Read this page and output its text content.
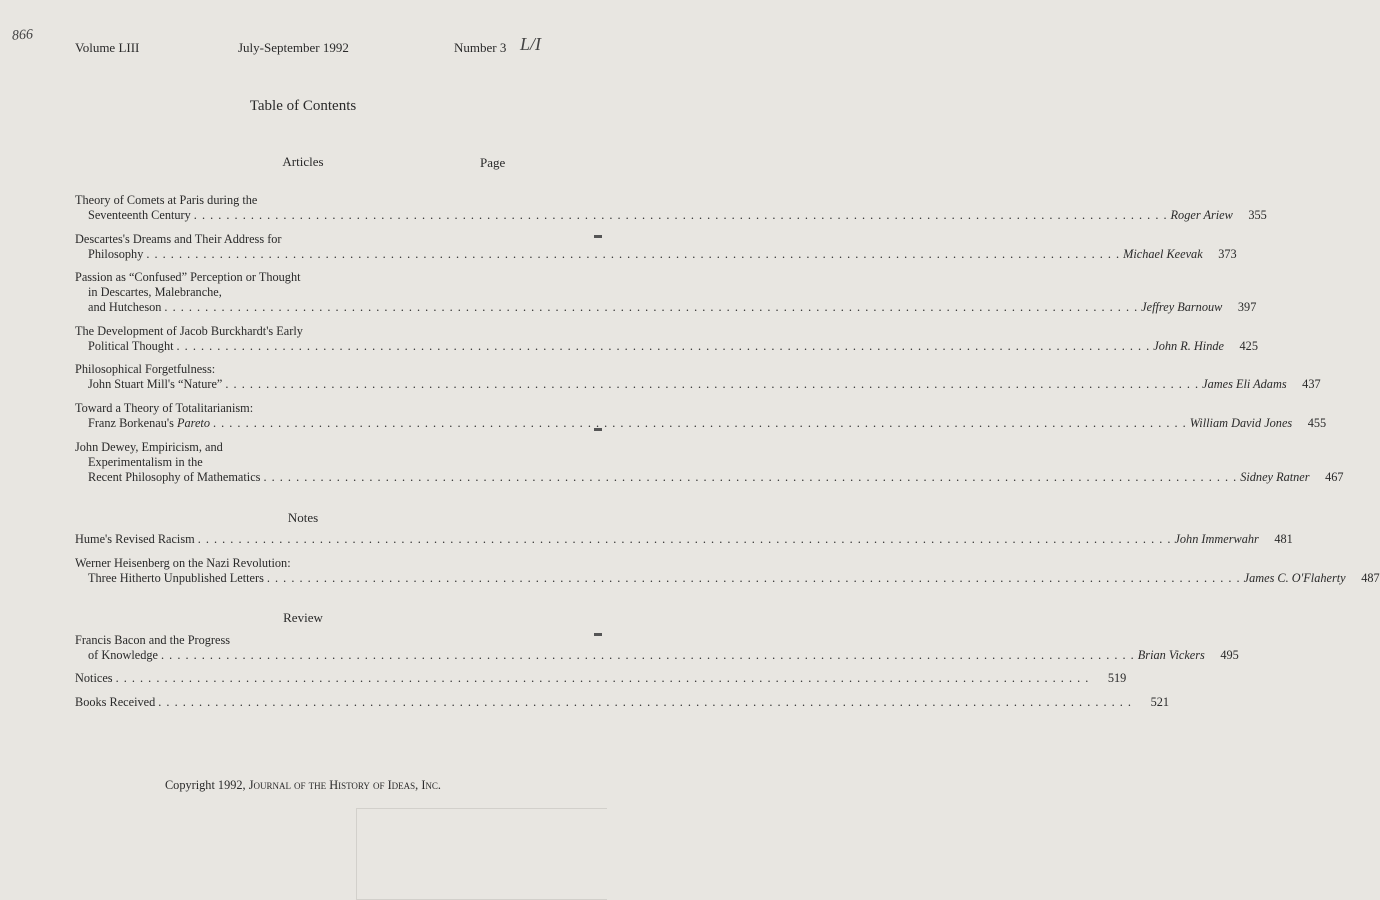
866	L/I
Volume LIII	July-September 1992	Number 3
Table of Contents
Articles	Page
Theory of Comets at Paris during the
Seventeenth Century . . . . . . . . . . . . . . . . . . . . . . . . . . . . . . . . . . . . . . . . . . . . . . . . . . . . . . . . . . . . . . . . . . . . . . . . . . . . . . . . . . . . . . . . . . . . . . . . . . . . . . . . . . . . . . . . . . . . . . . . Roger Ariew	355
Descartes's Dreams and Their Address for
Philosophy . . . . . . . . . . . . . . . . . . . . . . . . . . . . . . . . . . . . . . . . . . . . . . . . . . . . . . . . . . . . . . . . . . . . . . . . . . . . . . . . . . . . . . . . . . . . . . . . . . . . . . . . . . . . . . . . . . . . . . . . Michael Keevak	373
Passion as “Confused” Perception or Thought
in Descartes, Malebranche,
and Hutcheson . . . . . . . . . . . . . . . . . . . . . . . . . . . . . . . . . . . . . . . . . . . . . . . . . . . . . . . . . . . . . . . . . . . . . . . . . . . . . . . . . . . . . . . . . . . . . . . . . . . . . . . . . . . . . . . . . . . . . . . . Jeffrey Barnouw	397
The Development of Jacob Burckhardt's Early
Political Thought . . . . . . . . . . . . . . . . . . . . . . . . . . . . . . . . . . . . . . . . . . . . . . . . . . . . . . . . . . . . . . . . . . . . . . . . . . . . . . . . . . . . . . . . . . . . . . . . . . . . . . . . . . . . . . . . . . . . . . . . John R. Hinde	425
Philosophical Forgetfulness:
John Stuart Mill's “Nature” . . . . . . . . . . . . . . . . . . . . . . . . . . . . . . . . . . . . . . . . . . . . . . . . . . . . . . . . . . . . . . . . . . . . . . . . . . . . . . . . . . . . . . . . . . . . . . . . . . . . . . . . . . . . . . . . . . . . . . . . James Eli Adams	437
Toward a Theory of Totalitarianism:
Franz Borkenau's Pareto . . . . . . . . . . . . . . . . . . . . . . . . . . . . . . . . . . . . . . . . . . . . . . . . . . . . . . . . . . . . . . . . . . . . . . . . . . . . . . . . . . . . . . . . . . . . . . . . . . . . . . . . . . . . . . . . . . . . . . . . William David Jones	455
John Dewey, Empiricism, and
Experimentalism in the
Recent Philosophy of Mathematics . . . . . . . . . . . . . . . . . . . . . . . . . . . . . . . . . . . . . . . . . . . . . . . . . . . . . . . . . . . . . . . . . . . . . . . . . . . . . . . . . . . . . . . . . . . . . . . . . . . . . . . . . . . . . . . . . . . . . . . . Sidney Ratner	467
Notes
Hume's Revised Racism . . . . . . . . . . . . . . . . . . . . . . . . . . . . . . . . . . . . . . . . . . . . . . . . . . . . . . . . . . . . . . . . . . . . . . . . . . . . . . . . . . . . . . . . . . . . . . . . . . . . . . . . . . . . . . . . . . . . . . . . John Immerwahr	481
Werner Heisenberg on the Nazi Revolution:
Three Hitherto Unpublished Letters . . . . . . . . . . . . . . . . . . . . . . . . . . . . . . . . . . . . . . . . . . . . . . . . . . . . . . . . . . . . . . . . . . . . . . . . . . . . . . . . . . . . . . . . . . . . . . . . . . . . . . . . . . . . . . . . . . . . . . . . James C. O'Flaherty	487
Review
Francis Bacon and the Progress
of Knowledge . . . . . . . . . . . . . . . . . . . . . . . . . . . . . . . . . . . . . . . . . . . . . . . . . . . . . . . . . . . . . . . . . . . . . . . . . . . . . . . . . . . . . . . . . . . . . . . . . . . . . . . . . . . . . . . . . . . . . . . . Brian Vickers	495
Notices . . . . . . . . . . . . . . . . . . . . . . . . . . . . . . . . . . . . . . . . . . . . . . . . . . . . . . . . . . . . . . . . . . . . . . . . . . . . . . . . . . . . . . . . . . . . . . . . . . . . . . . . . . . . . . . . . . . . . . . .	519
Books Received . . . . . . . . . . . . . . . . . . . . . . . . . . . . . . . . . . . . . . . . . . . . . . . . . . . . . . . . . . . . . . . . . . . . . . . . . . . . . . . . . . . . . . . . . . . . . . . . . . . . . . . . . . . . . . . . . . . . . . . .	521
Copyright 1992, Journal of the History of Ideas, Inc.
